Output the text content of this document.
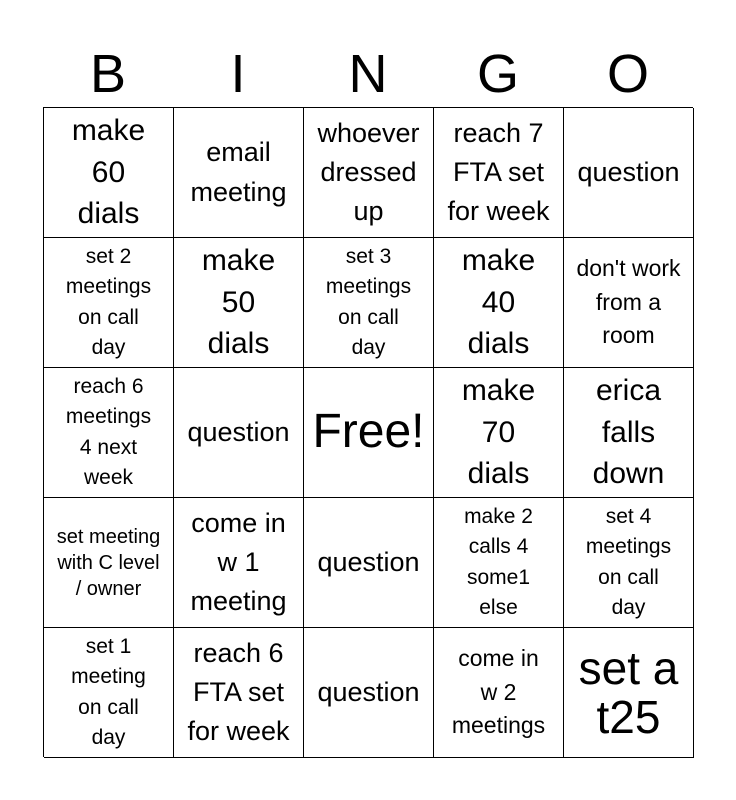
B	I	N	G	O
make
60
dials
email
meeting
whoever
dressed
up
reach 7
FTA set
for week
question
set 2
meetings
on call
day
make
50
dials
set 3
meetings
on call
day
make
40
dials
don't work
from a
room
reach 6
meetings
4 next
week
question Free!
make
70
dials
erica
falls
down
set meeting
with C level
/ owner
come in
w 1
meeting
question
make 2
calls 4
some1
else
set 4
meetings
on call
day
set 1
meeting
on call
day
reach 6
FTA set
for week
question
come in
w 2
meetings
set a
t25
